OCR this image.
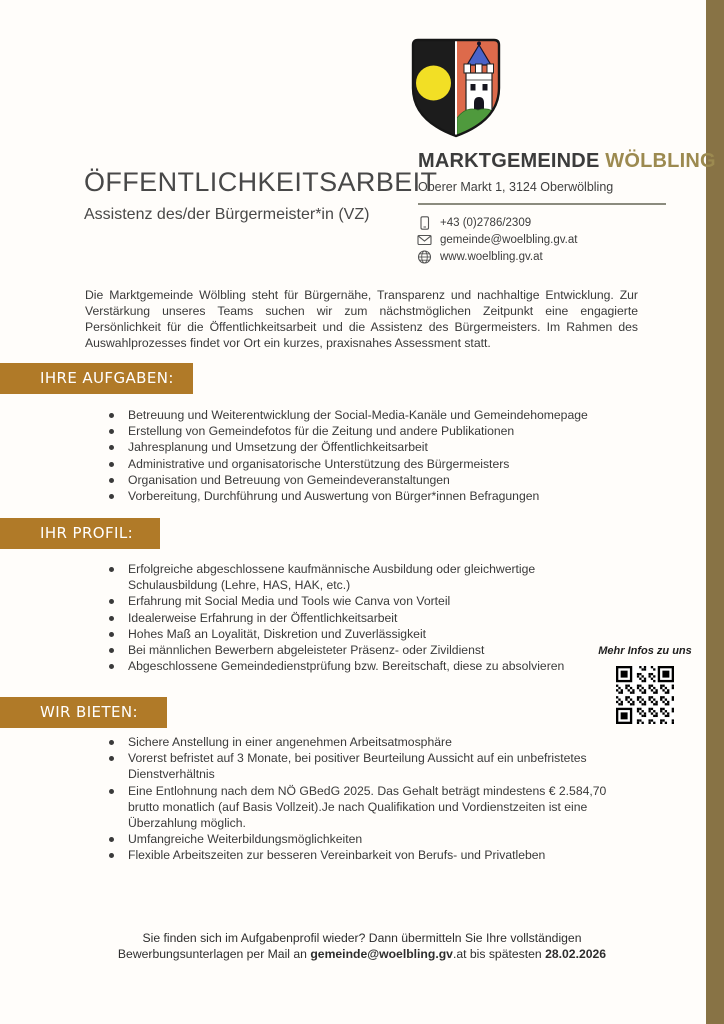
MARKTGEMEINDE WÖLBLING
Oberer Markt 1, 3124 Oberwölbling
+43 (0)2786/2309
gemeinde@woelbling.gv.at
www.woelbling.gv.at
ÖFFENTLICHKEITSARBEIT
Assistenz des/der Bürgermeister*in (VZ)

Die Marktgemeinde Wölbling steht für Bürgernähe, Transparenz und nachhaltige Entwicklung. Zur Verstärkung unseres Teams suchen wir zum nächstmöglichen Zeitpunkt eine engagierte Persönlichkeit für die Öffentlichkeitsarbeit und die Assistenz des Bürgermeisters. Im Rahmen des Auswahlprozesses findet vor Ort ein kurzes, praxisnahes Assessment statt.

IHRE AUFGABEN:
Betreuung und Weiterentwicklung der Social-Media-Kanäle und Gemeindehomepage
Erstellung von Gemeindefotos für die Zeitung und andere Publikationen
Jahresplanung und Umsetzung der Öffentlichkeitsarbeit
Administrative und organisatorische Unterstützung des Bürgermeisters
Organisation und Betreuung von Gemeindeveranstaltungen
Vorbereitung, Durchführung und Auswertung von Bürger*innen Befragungen
IHR PROFIL:
Erfolgreiche abgeschlossene kaufmännische Ausbildung oder gleichwertige Schulausbildung (Lehre, HAS, HAK, etc.)
Erfahrung mit Social Media und Tools wie Canva von Vorteil
Idealerweise Erfahrung in der Öffentlichkeitsarbeit
Hohes Maß an Loyalität, Diskretion und Zuverlässigkeit
Bei männlichen Bewerbern abgeleisteter Präsenz- oder Zivildienst
Abgeschlossene Gemeindedienstprüfung bzw. Bereitschaft, diese zu absolvieren
Mehr Infos zu uns
WIR BIETEN:
Sichere Anstellung in einer angenehmen Arbeitsatmosphäre
Vorerst befristet auf 3 Monate, bei positiver Beurteilung Aussicht auf ein unbefristetes Dienstverhältnis
Eine Entlohnung nach dem NÖ GBedG 2025. Das Gehalt beträgt mindestens € 2.584,70 brutto monatlich (auf Basis Vollzeit).Je nach Qualifikation und Vordienstzeiten ist eine Überzahlung möglich.
Umfangreiche Weiterbildungsmöglichkeiten
Flexible Arbeitszeiten zur besseren Vereinbarkeit von Berufs- und Privatleben
Sie finden sich im Aufgabenprofil wieder? Dann übermitteln Sie Ihre vollständigen
Bewerbungsunterlagen per Mail an gemeinde@woelbling.gv.at bis spätesten 28.02.2026
